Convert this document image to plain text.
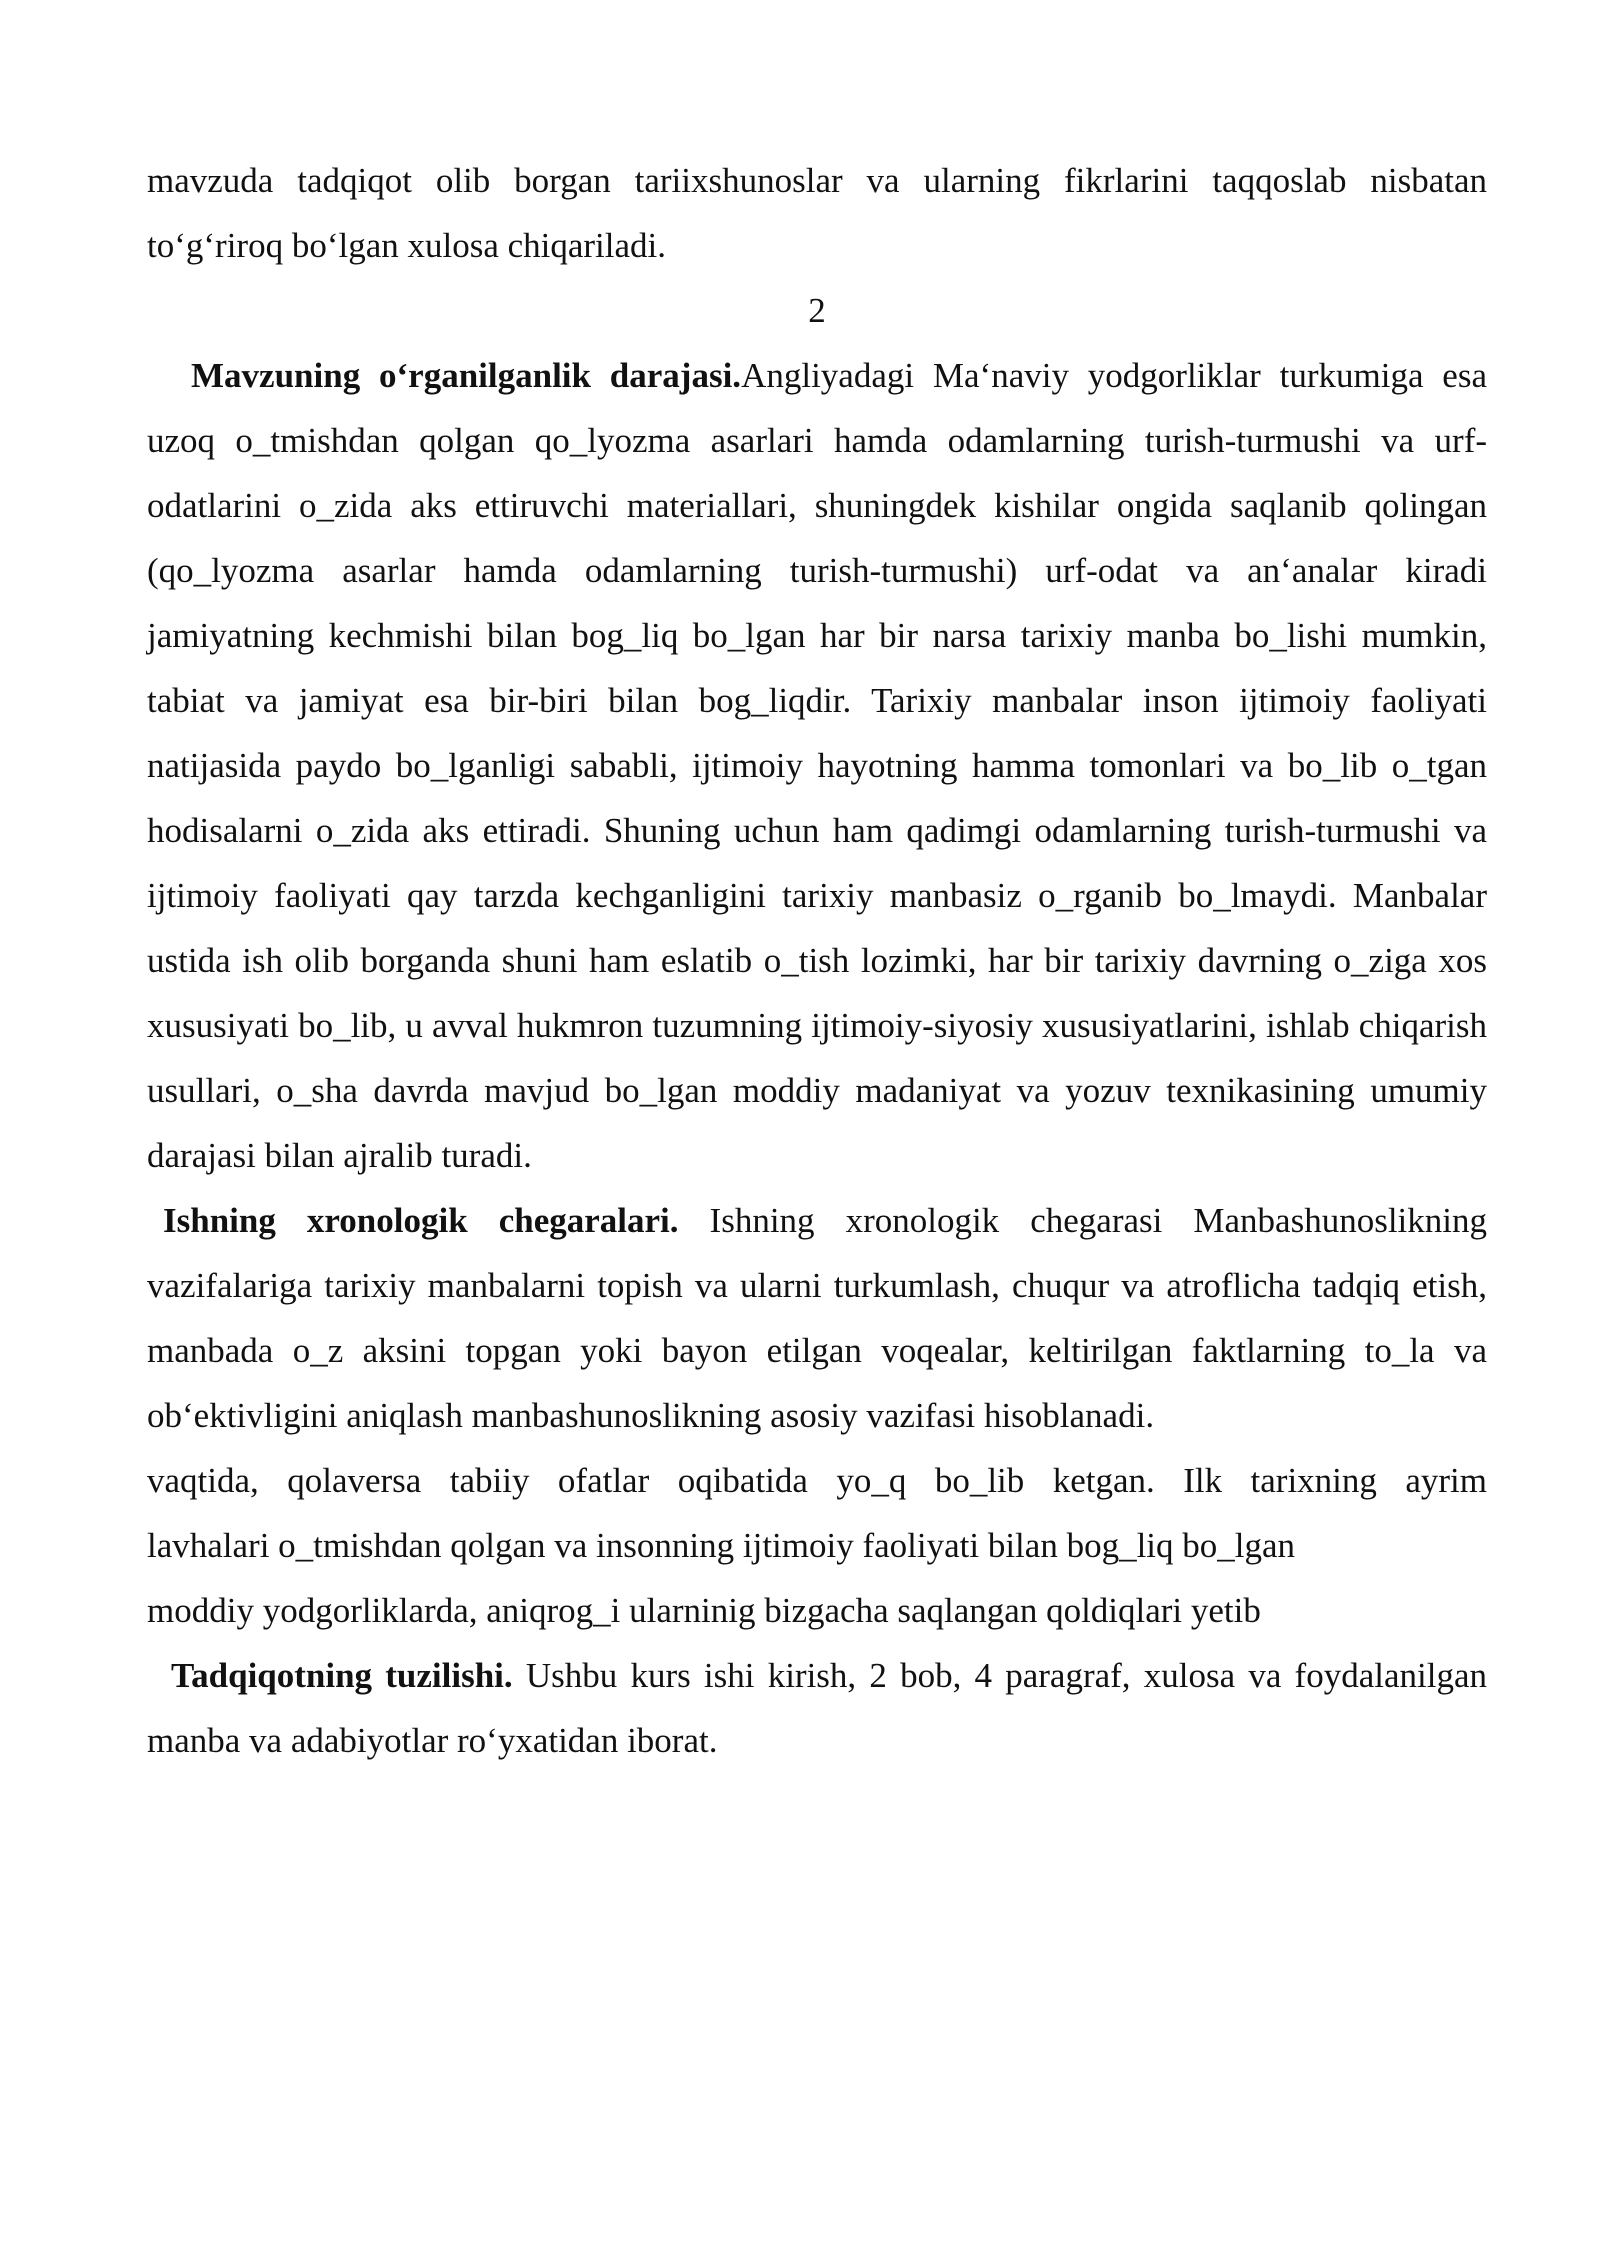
mavzuda tadqiqot olib borgan tariixshunoslar va ularning fikrlarini taqqoslab nisbatan to‘g‘riroq bo‘lgan xulosa chiqariladi.

2

Mavzuning o‘rganilganlik darajasi.Angliyadagi Ma‘naviy yodgorliklar turkumiga esa uzoq o_tmishdan qolgan qo_lyozma asarlari hamda odamlarning turish-turmushi va urf-odatlarini o_zida aks ettiruvchi materiallari, shuningdek kishilar ongida saqlanib qolingan (qo_lyozma asarlar hamda odamlarning turish-turmushi) urf-odat va an‘analar kiradi jamiyatning kechmishi bilan bog_liq bo_lgan har bir narsa tarixiy manba bo_lishi mumkin, tabiat va jamiyat esa bir-biri bilan bog_liqdir. Tarixiy manbalar inson ijtimoiy faoliyati natijasida paydo bo_lganligi sababli, ijtimoiy hayotning hamma tomonlari va bo_lib o_tgan hodisalarni o_zida aks ettiradi. Shuning uchun ham qadimgi odamlarning turish-turmushi va ijtimoiy faoliyati qay tarzda kechganligini tarixiy manbasiz o_rganib bo_lmaydi. Manbalar ustida ish olib borganda shuni ham eslatib o_tish lozimki, har bir tarixiy davrning o_ziga xos xususiyati bo_lib, u avval hukmron tuzumning ijtimoiy-siyosiy xususiyatlarini, ishlab chiqarish usullari, o_sha davrda mavjud bo_lgan moddiy madaniyat va yozuv texnikasining umumiy darajasi bilan ajralib turadi.

Ishning xronologik chegaralari. Ishning xronologik chegarasi Manbashunoslikning vazifalariga tarixiy manbalarni topish va ularni turkumlash, chuqur va atroflicha tadqiq etish, manbada o_z aksini topgan yoki bayon etilgan voqealar, keltirilgan faktlarning to_la va ob‘ektivligini aniqlash manbashunoslikning asosiy vazifasi hisoblanadi.

vaqtida, qolaversa tabiiy ofatlar oqibatida yo_q bo_lib ketgan. Ilk tarixning ayrim

lavhalari o_tmishdan qolgan va insonning ijtimoiy faoliyati bilan bog_liq bo_lgan

moddiy yodgorliklarda, aniqrog_i ularninig bizgacha saqlangan qoldiqlari yetib

Tadqiqotning tuzilishi. Ushbu kurs ishi kirish, 2 bob, 4 paragraf, xulosa va foydalanilgan manba va adabiyotlar ro‘yxatidan iborat.
